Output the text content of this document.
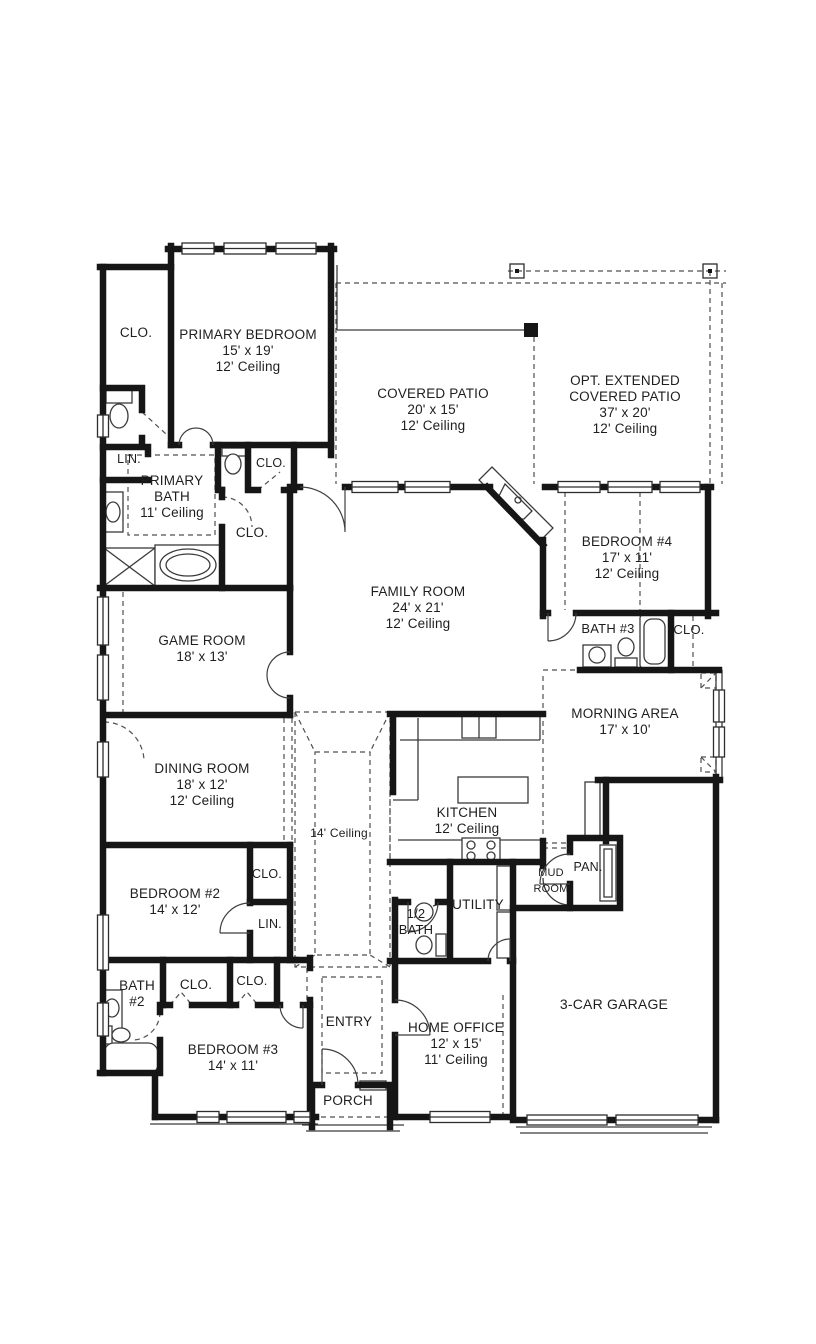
CLO. PRIMARY BEDROOM 15' x 19' 12' Ceiling
COVERED PATIO 20' x 15' 12' Ceiling
OPT. EXTENDED COVERED PATIO 37' x 20' 12' Ceiling
LIN.
PRIMARY BATH 11' Ceiling
CLO.
CLO.
FAMILY ROOM 24' x 21' 12' Ceiling
BEDROOM #4 17' x 11' 12' Ceiling
BATH #3	CLO.
GAME ROOM 18' x 13'
MORNING AREA 17' x 10'
DINING ROOM 18' x 12' 12' Ceiling
14' Ceiling
KITCHEN 12' Ceiling
MUD ROOM
PAN.
BEDROOM #2 14' x 12'
CLO.
LIN.
1/2 BATH
UTILITY
BATH #2
CLO. CLO.
BEDROOM #3 14' x 11'
ENTRY	HOME OFFICE 12' x 15' 11' Ceiling
PORCH
3-CAR GARAGE
